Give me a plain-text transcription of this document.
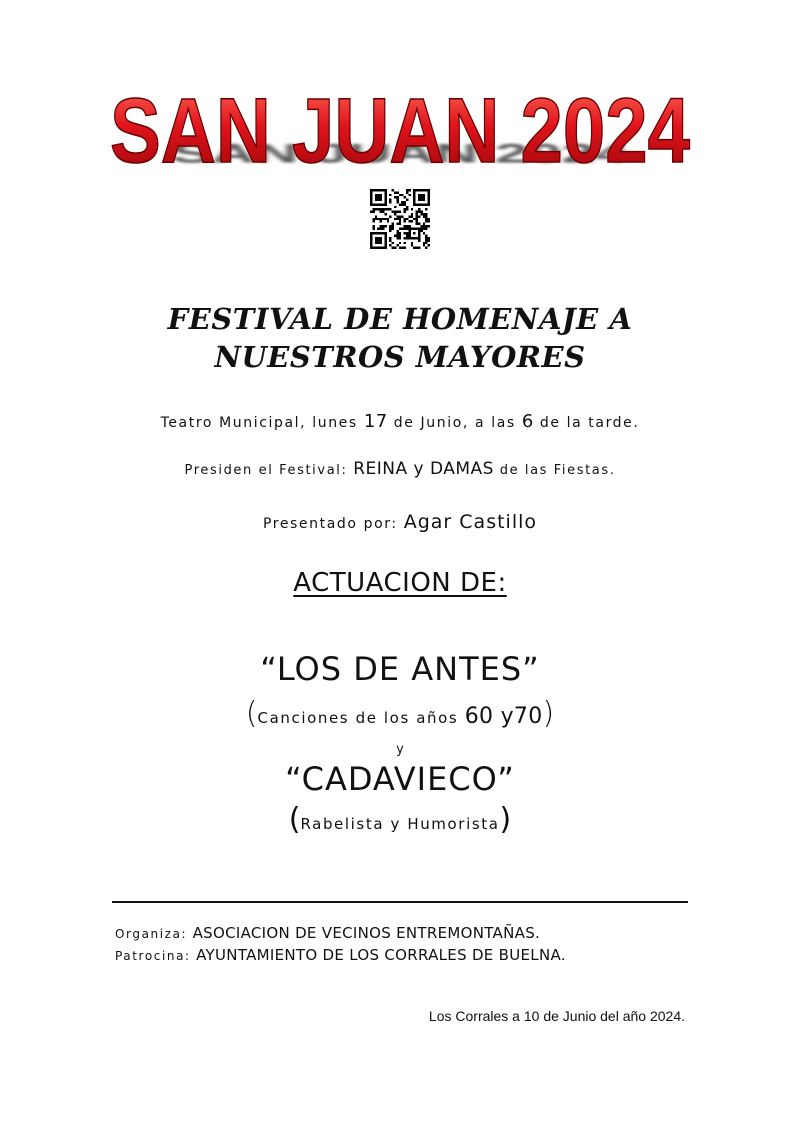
SAN JUAN 2024
SAN JUAN 2024
FESTIVAL DE HOMENAJE A
NUESTROS MAYORES
Teatro Municipal, lunes 17 de Junio, a las 6 de la tarde.
Presiden el Festival: REINA y DAMAS de las Fiestas.
Presentado por: Agar Castillo
ACTUACION DE:
“LOS DE ANTES”
(Canciones de los años 60 y70)
y
“CADAVIECO”
(Rabelista y Humorista)
Organiza: ASOCIACION DE VECINOS ENTREMONTAÑAS.
Patrocina: AYUNTAMIENTO DE LOS CORRALES DE BUELNA.
Los Corrales a 10 de Junio del año 2024.
